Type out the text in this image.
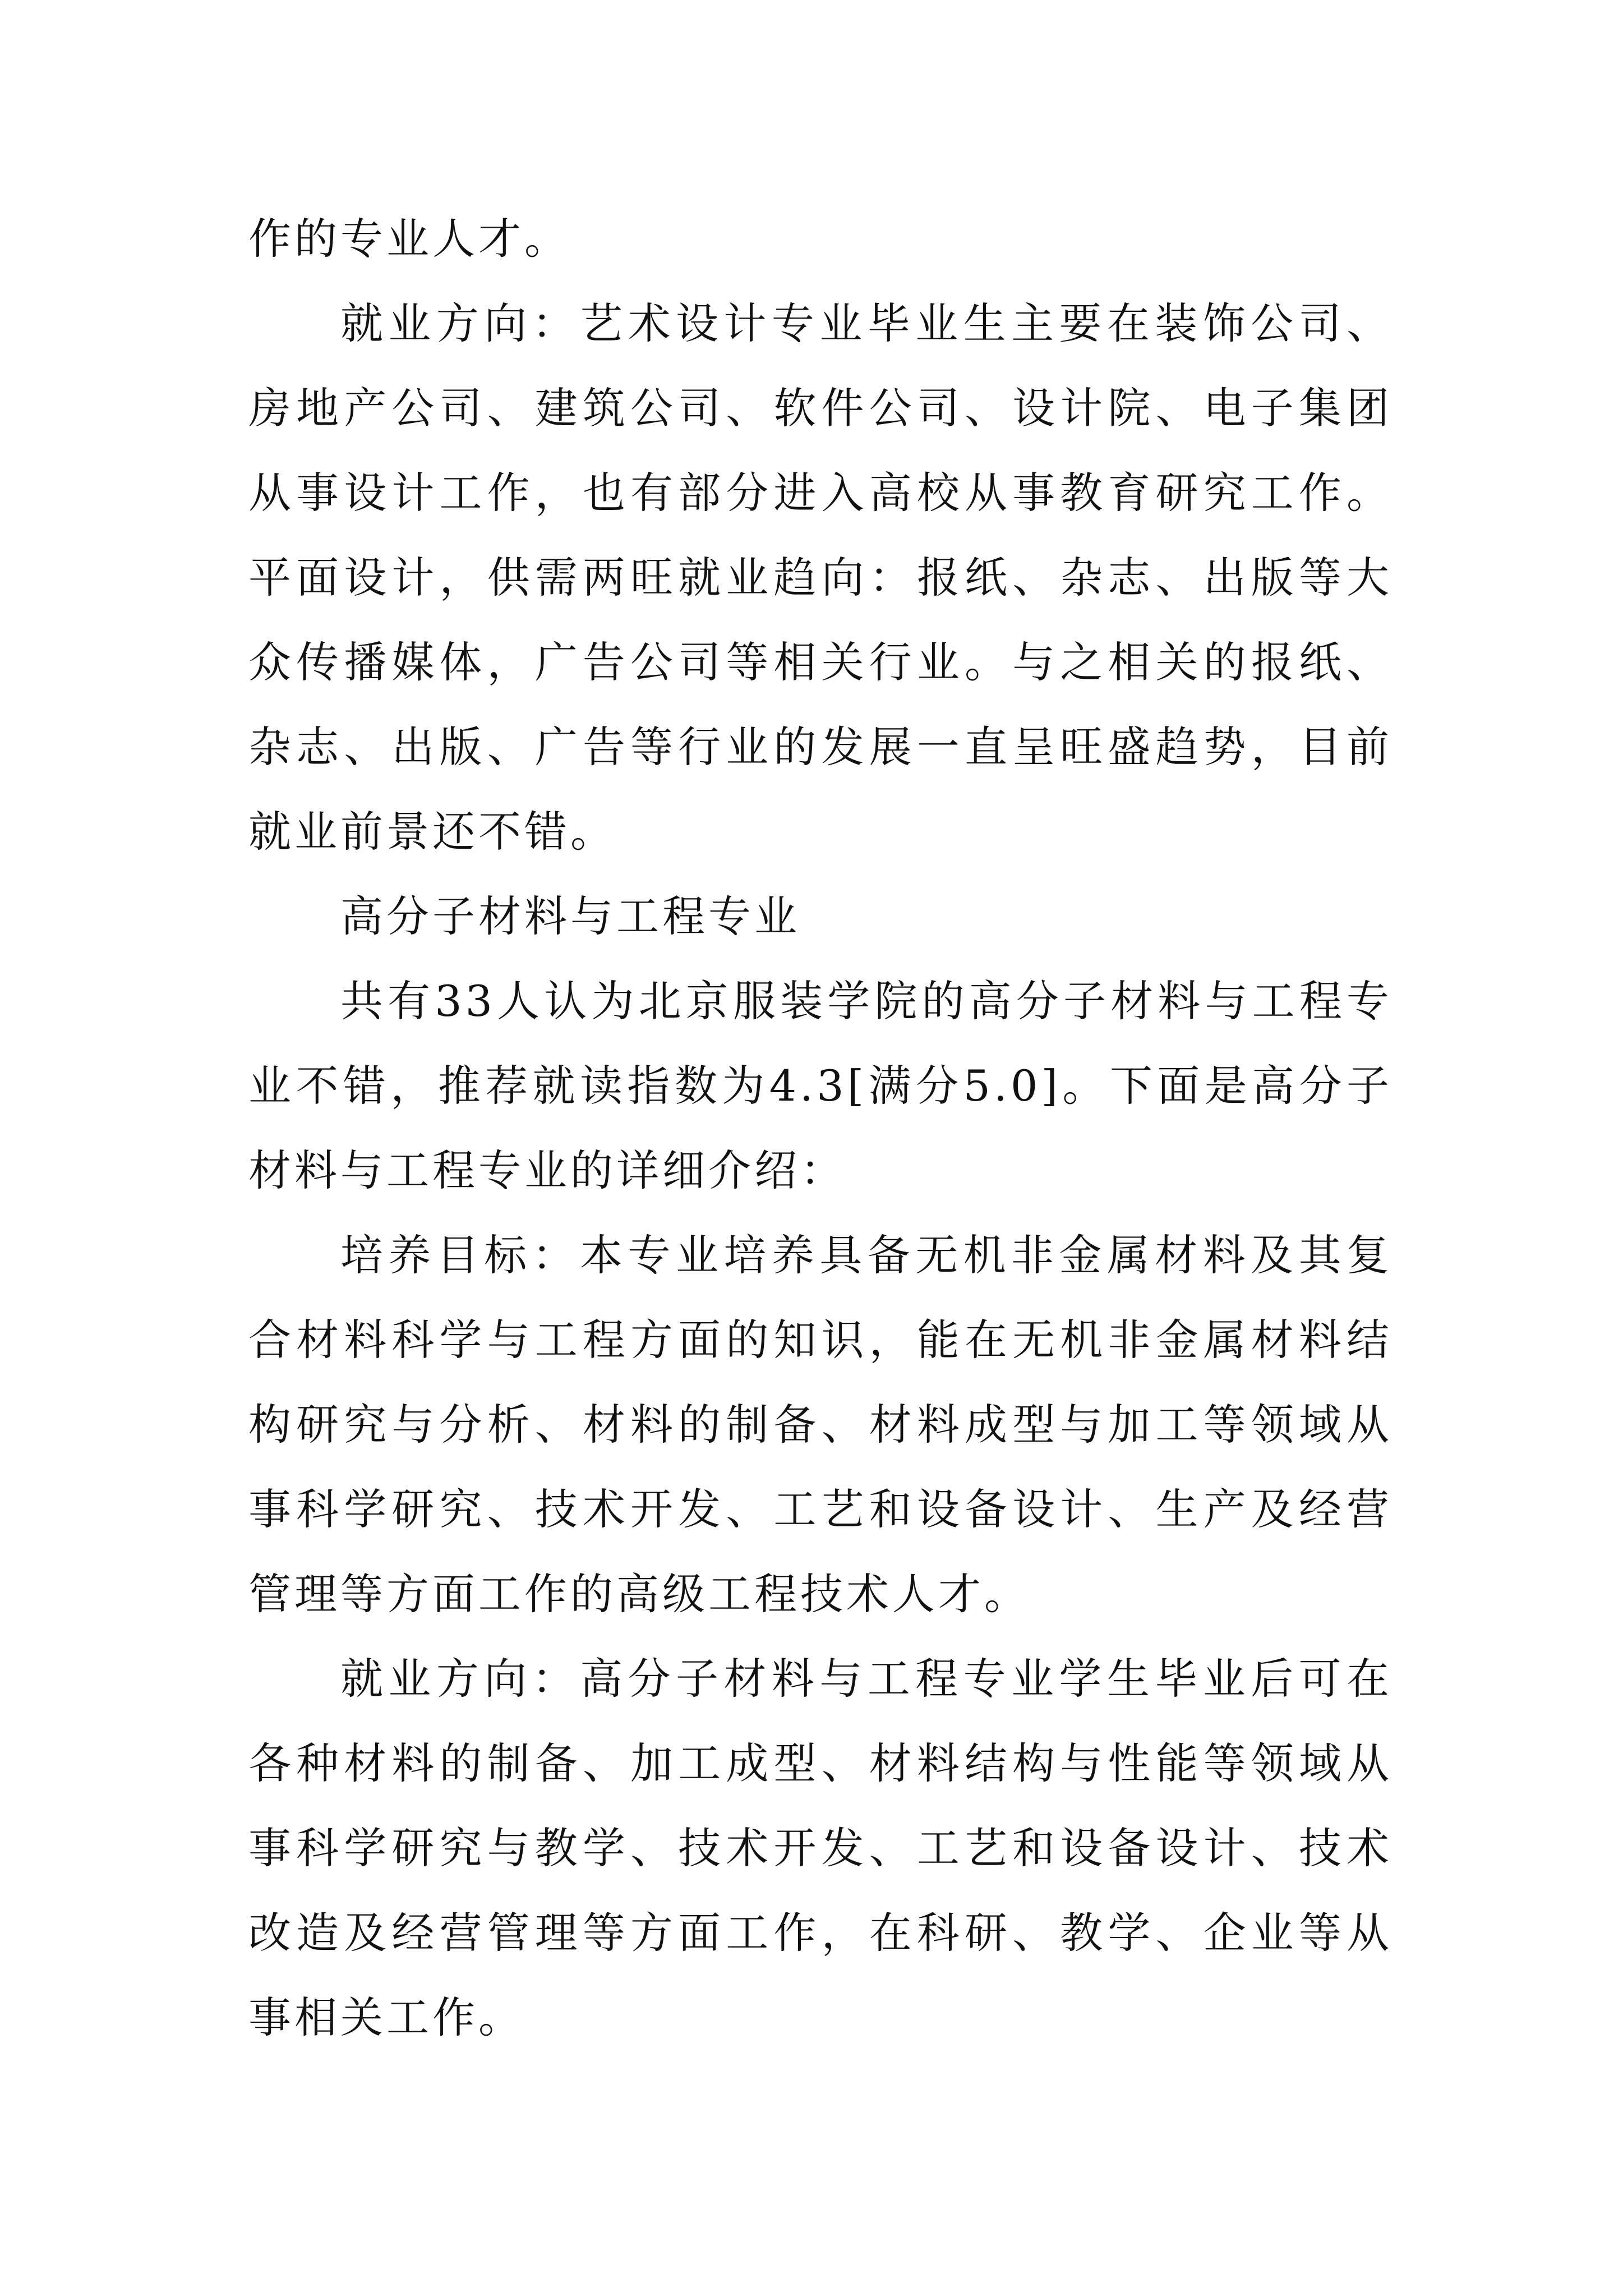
作的专业人才。

就业方向：艺术设计专业毕业生主要在装饰公司、房地产公司、建筑公司、软件公司、设计院、电子集团从事设计工作，也有部分进入高校从事教育研究工作。平面设计，供需两旺就业趋向：报纸、杂志、出版等大众传播媒体，广告公司等相关行业。与之相关的报纸、杂志、出版、广告等行业的发展一直呈旺盛趋势，目前就业前景还不错。

高分子材料与工程专业

共有33人认为北京服装学院的高分子材料与工程专业不错，推荐就读指数为4.3[满分5.0]。下面是高分子材料与工程专业的详细介绍：

培养目标：本专业培养具备无机非金属材料及其复合材料科学与工程方面的知识，能在无机非金属材料结构研究与分析、材料的制备、材料成型与加工等领域从事科学研究、技术开发、工艺和设备设计、生产及经营管理等方面工作的高级工程技术人才。

就业方向：高分子材料与工程专业学生毕业后可在各种材料的制备、加工成型、材料结构与性能等领域从事科学研究与教学、技术开发、工艺和设备设计、技术改造及经营管理等方面工作，在科研、教学、企业等从事相关工作。
